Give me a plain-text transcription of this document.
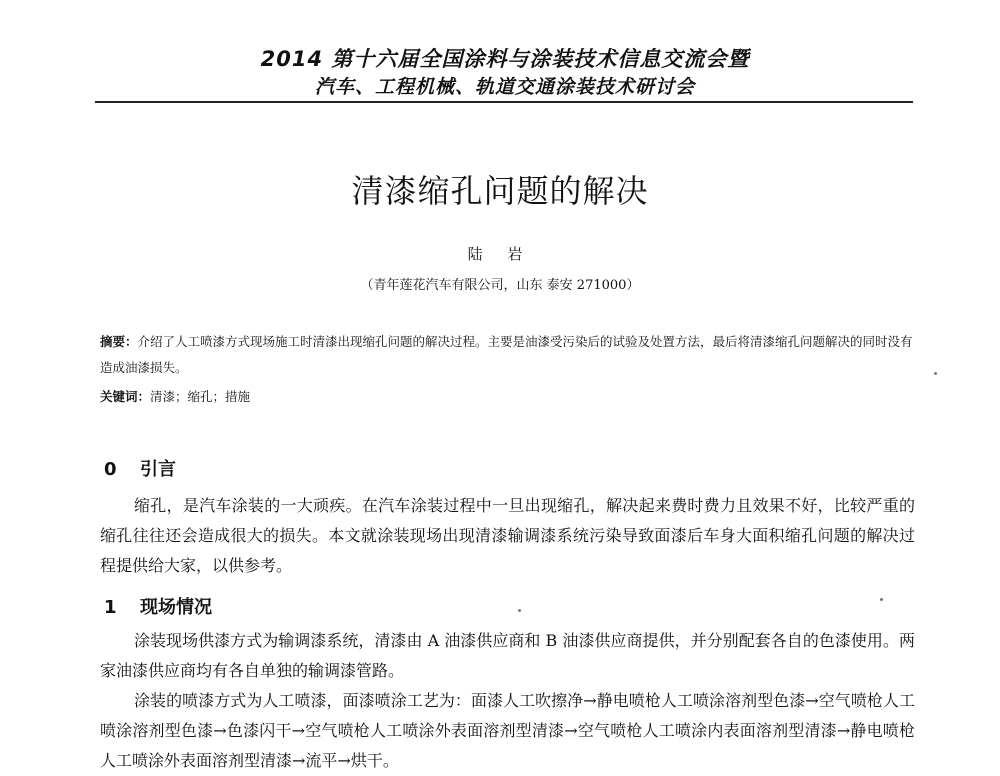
2014 第十六届全国涂料与涂装技术信息交流会暨
汽车、工程机械、轨道交通涂装技术研讨会
清漆缩孔问题的解决
陆 岩
（青年莲花汽车有限公司，山东 泰安 271000）

摘要：介绍了人工喷漆方式现场施工时清漆出现缩孔问题的解决过程。主要是油漆受污染后的试验及处置方法，最后将清漆缩孔问题解决的同时没有造成油漆损失。

关键词：清漆；缩孔；措施

0 引言

缩孔，是汽车涂装的一大顽疾。在汽车涂装过程中一旦出现缩孔，解决起来费时费力且效果不好，比较严重的缩孔往往还会造成很大的损失。本文就涂装现场出现清漆输调漆系统污染导致面漆后车身大面积缩孔问题的解决过程提供给大家，以供参考。

1 现场情况

涂装现场供漆方式为输调漆系统，清漆由 A 油漆供应商和 B 油漆供应商提供，并分别配套各自的色漆使用。两家油漆供应商均有各自单独的输调漆管路。

涂装的喷漆方式为人工喷漆，面漆喷涂工艺为：面漆人工吹擦净→静电喷枪人工喷涂溶剂型色漆→空气喷枪人工喷涂溶剂型色漆→色漆闪干→空气喷枪人工喷涂外表面溶剂型清漆→空气喷枪人工喷涂内表面溶剂型清漆→静电喷枪人工喷涂外表面溶剂型清漆→流平→烘干。
